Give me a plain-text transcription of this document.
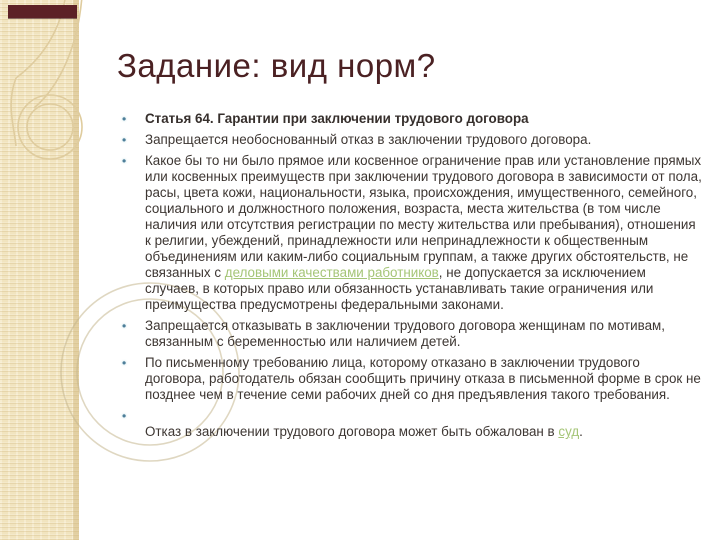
Задание: вид норм?
•	Статья 64. Гарантии при заключении трудового договора
•	Запрещается необоснованный отказ в заключении трудового договора.
•	Какое бы то ни было прямое или косвенное ограничение прав или установление прямых или косвенных преимуществ при заключении трудового договора в зависимости от пола, расы, цвета кожи, национальности, языка, происхождения, имущественного, семейного, социального и должностного положения, возраста, места жительства (в том числе наличия или отсутствия регистрации по месту жительства или пребывания), отношения к религии, убеждений, принадлежности или непринадлежности к общественным объединениям или каким-либо социальным группам, а также других обстоятельств, не связанных с деловыми качествами работников, не допускается за исключением случаев, в которых право или обязанность устанавливать такие ограничения или преимущества предусмотрены федеральными законами.
•	Запрещается отказывать в заключении трудового договора женщинам по мотивам, связанным с беременностью или наличием детей.
•	По письменному требованию лица, которому отказано в заключении трудового договора, работодатель обязан сообщить причину отказа в письменной форме в срок не позднее чем в течение семи рабочих дней со дня предъявления такого требования.
•
Отказ в заключении трудового договора может быть обжалован в суд.
